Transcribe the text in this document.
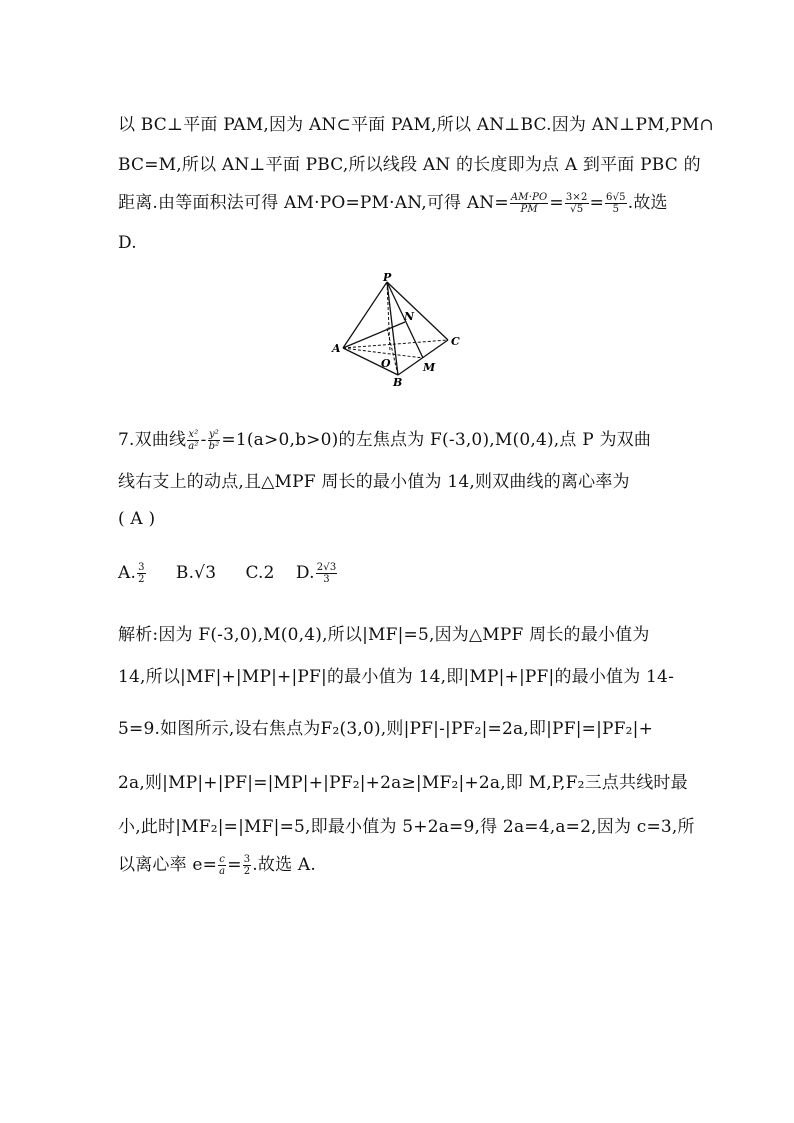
以 BC⊥平面 PAM,因为 AN⊂平面 PAM,所以 AN⊥BC.因为 AN⊥PM,PM∩
BC=M,所以 AN⊥平面 PBC,所以线段 AN 的长度即为点 A 到平面 PBC 的
距离.由等面积法可得 AM·PO=PM·AN,可得 $AN= \frac{AM\cdot PO}{PM} = \frac{3\times 2}{√5} = \frac{6√5}{5}$ .故选
D.
P
N
A
C
O	M
B
7.双曲线 $\frac{\text{x²}}{\text{a²}} - \frac{\text{y²}}{\text{b²}} =1(a>0,b>0)$的左焦点为 F(-3,0),M(0,4),点 P 为双曲
线右支上的动点,且△MPF 周长的最小值为 14,则双曲线的离心率为
( A )
A. $\frac{3}{2} B.√3$ C.2 D. $\frac{2√3}{3}$
解析:因为 F(-3,0),M(0,4),所以|MF|=5,因为△MPF 周长的最小值为
14,所以|MF|+|MP|+|PF|的最小值为 14,即|MP|+|PF|的最小值为 14-
5=9.如图所示,设右焦点为F₂(3,0),则|PF|-|PF₂|=2a,即|PF|=|PF₂|+
2a,则|MP|+|PF|=|MP|+|PF₂|+2a≥|MF₂|+2a,即 M,P,F₂三点共线时最
小,此时|MF₂|=|MF|=5,即最小值为 5+2a=9,得 2a=4,a=2,因为 c=3,所
以离心率 $e= \frac{c}{a} = \frac{3}{2}$ .故选 A.
